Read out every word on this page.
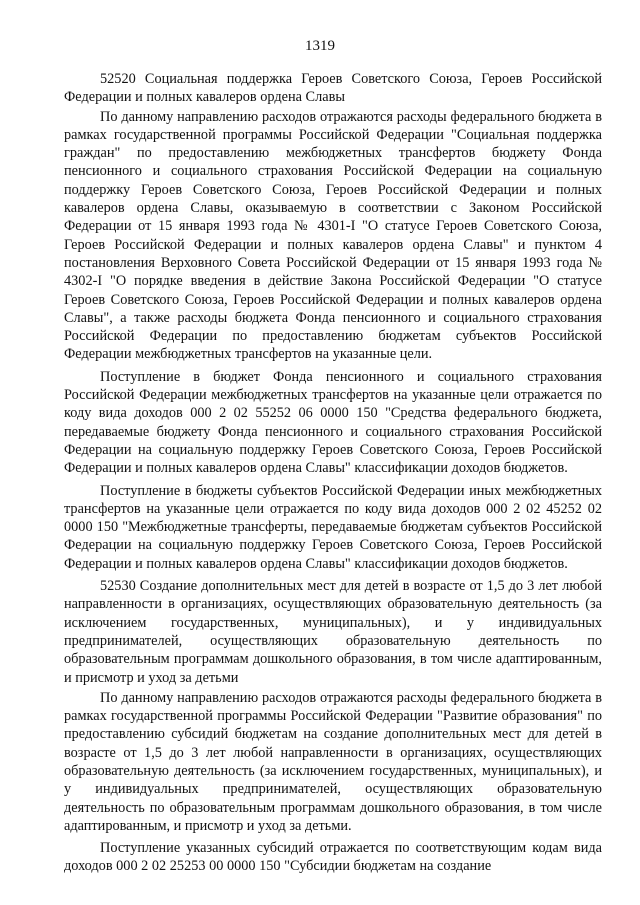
1319

52520 Социальная поддержка Героев Советского Союза, Героев Российской Федерации и полных кавалеров ордена Славы

По данному направлению расходов отражаются расходы федерального бюджета в рамках государственной программы Российской Федерации "Социальная поддержка граждан" по предоставлению межбюджетных трансфертов бюджету Фонда пенсионного и социального страхования Российской Федерации на социальную поддержку Героев Советского Союза, Героев Российской Федерации и полных кавалеров ордена Славы, оказываемую в соответствии с Законом Российской Федерации от 15 января 1993 года № 4301-I "О статусе Героев Советского Союза, Героев Российской Федерации и полных кавалеров ордена Славы" и пунктом 4 постановления Верховного Совета Российской Федерации от 15 января 1993 года № 4302-I "О порядке введения в действие Закона Российской Федерации "О статусе Героев Советского Союза, Героев Российской Федерации и полных кавалеров ордена Славы", а также расходы бюджета Фонда пенсионного и социального страхования Российской Федерации по предоставлению бюджетам субъектов Российской Федерации межбюджетных трансфертов на указанные цели.

Поступление в бюджет Фонда пенсионного и социального страхования Российской Федерации межбюджетных трансфертов на указанные цели отражается по коду вида доходов 000 2 02 55252 06 0000 150 "Средства федерального бюджета, передаваемые бюджету Фонда пенсионного и социального страхования Российской Федерации на социальную поддержку Героев Советского Союза, Героев Российской Федерации и полных кавалеров ордена Славы" классификации доходов бюджетов.

Поступление в бюджеты субъектов Российской Федерации иных межбюджетных трансфертов на указанные цели отражается по коду вида доходов 000 2 02 45252 02 0000 150 "Межбюджетные трансферты, передаваемые бюджетам субъектов Российской Федерации на социальную поддержку Героев Советского Союза, Героев Российской Федерации и полных кавалеров ордена Славы" классификации доходов бюджетов.

52530 Создание дополнительных мест для детей в возрасте от 1,5 до 3 лет любой направленности в организациях, осуществляющих образовательную деятельность (за исключением государственных, муниципальных), и у индивидуальных предпринимателей, осуществляющих образовательную деятельность по образовательным программам дошкольного образования, в том числе адаптированным, и присмотр и уход за детьми

По данному направлению расходов отражаются расходы федерального бюджета в рамках государственной программы Российской Федерации "Развитие образования" по предоставлению субсидий бюджетам на создание дополнительных мест для детей в возрасте от 1,5 до 3 лет любой направленности в организациях, осуществляющих образовательную деятельность (за исключением государственных, муниципальных), и у индивидуальных предпринимателей, осуществляющих образовательную деятельность по образовательным программам дошкольного образования, в том числе адаптированным, и присмотр и уход за детьми.

Поступление указанных субсидий отражается по соответствующим кодам вида доходов 000 2 02 25253 00 0000 150 "Субсидии бюджетам на создание
